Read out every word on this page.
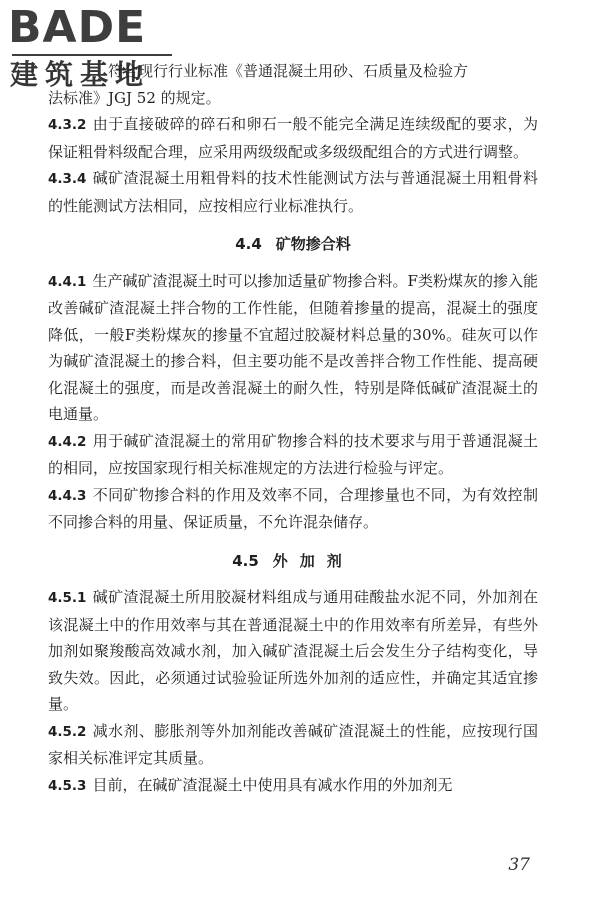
BADE
建筑基地

符合现行行业标准《普通混凝土用砂、石质量及检验方

法标准》JGJ 52 的规定。

4.3.2 由于直接破碎的碎石和卵石一般不能完全满足连续级配的要求，为保证粗骨料级配合理，应采用两级级配或多级级配组合的方式进行调整。

4.3.4 碱矿渣混凝土用粗骨料的技术性能测试方法与普通混凝土用粗骨料的性能测试方法相同，应按相应行业标准执行。

4.4 矿物掺合料

4.4.1 生产碱矿渣混凝土时可以掺加适量矿物掺合料。F类粉煤灰的掺入能改善碱矿渣混凝土拌合物的工作性能，但随着掺量的提高，混凝土的强度降低，一般F类粉煤灰的掺量不宜超过胶凝材料总量的30%。硅灰可以作为碱矿渣混凝土的掺合料，但主要功能不是改善拌合物工作性能、提高硬化混凝土的强度，而是改善混凝土的耐久性，特别是降低碱矿渣混凝土的电通量。

4.4.2 用于碱矿渣混凝土的常用矿物掺合料的技术要求与用于普通混凝土的相同，应按国家现行相关标准规定的方法进行检验与评定。

4.4.3 不同矿物掺合料的作用及效率不同，合理掺量也不同，为有效控制不同掺合料的用量、保证质量，不允许混杂储存。

4.5 外加剂

4.5.1 碱矿渣混凝土所用胶凝材料组成与通用硅酸盐水泥不同，外加剂在该混凝土中的作用效率与其在普通混凝土中的作用效率有所差异，有些外加剂如聚羧酸高效减水剂，加入碱矿渣混凝土后会发生分子结构变化，导致失效。因此，必须通过试验验证所选外加剂的适应性，并确定其适宜掺量。

4.5.2 减水剂、膨胀剂等外加剂能改善碱矿渣混凝土的性能，应按现行国家相关标准评定其质量。

4.5.3 目前，在碱矿渣混凝土中使用具有减水作用的外加剂无

37
